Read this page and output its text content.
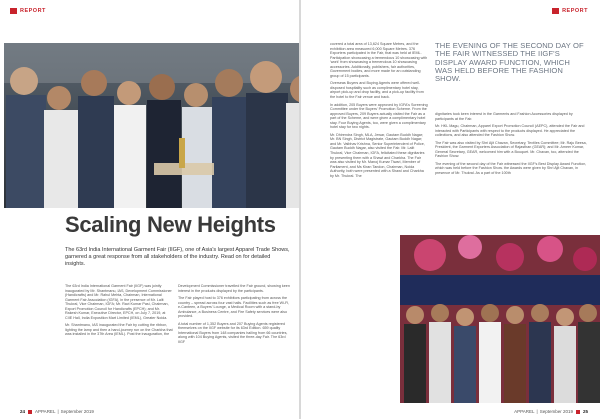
REPORT
Scaling New Heights
The 63rd India International Garment Fair (IIGF), one of Asia's largest Apparel Trade Shows, garnered a great response from all stakeholders of the industry. Read on for detailed insights.

The 63rd India International Garment Fair (IIGF) was jointly inaugurated by Mr. Shantmanu, IAS, Development Commissioner (Handicrafts) and Mr. Rahul Mehta, Chairman, International Garment Fair Association (IGFA), in the presence of Mr. Lalit Thukral, Vice Chairman, IGFA; Mr. Ravi Kumar Pasi, Chairman, Export Promotion Council for Handicrafts (EPCH); and Mr. Rakesh Kumar, Executive Director, EPCH, on July 7, 2019, at CIIE Hall, India Exposition Mart Limited (IEML), Greater Noida.

Mr. Shantmanu, IAS inaugurated the Fair by cutting the ribbon, lighting the lamp and then a hand-journey run on the Charkha that was installed in the 37th Area (IEML). Post the inauguration, the

Development Commissioner travelled the Fair ground, showing keen interest in the products displayed by the participants.

The Fair played host to 376 exhibitors participating from across the country – spread across four vast halls. Facilities such as free Wi-Fi, e-Canteen, a Buyers' Lounge, a Medical Room with a stand-by Ambulance, a Business Centre, and Fire Safety services were also provided.

A total number of 1,352 Buyers and 207 Buying Agents registered themselves on the IIGF website for its 63rd Edition. 659 quality International Buyers from 148 companies hailing from 66 countries, along with 104 Buying Agents, visited the three-day Fair. The 63rd IIGF

24 APPAREL | September 2019
REPORT

covered a total area of 13,624 Square Metres, and the exhibition area measured 6,000 Square Metres. 376 Exporters participated in the Fair, that was held at IEML. Participation showcasing a tremendous 10 showcasing with 'work' from showcasing a tremendous 10 showcasing accessories. Additionally, publishers, fair authorities, Government bodies, and more made for an outstanding group of 15 participants.

Overseas Buyers and Buying Agents were offered well-disposed hospitality such as complimentary hotel stay, airport pick-up and drop facility, and a pick-up facility from the hotel to the Fair venue and back.

In addition, 205 Buyers were approved by IGFA's Screening Committee under the Buyers' Promotion Scheme. From the approved Buyers, 209 Buyers actually visited the Fair as a part of the Scheme, and were given a complimentary hotel stay. Four Buying Agents, too, were given a complimentary hotel stay for two nights.

Mr. Dhirendra Singh, MLA, Jewar, Gautam Buddh Nagar; Mr. BN Singh, District Magistrate, Gautam Buddh Nagar; and Mr. Vaibhav Krishna, Senior Superintendent of Police, Gautam Buddh Nagar, also visited the Fair. Mr. Lalit Thukral, Vice Chairman, IGFA, felicitated these dignitaries by presenting them with a Shawl and Charkha. The Fair was also visited by Mr. Manoj Kumar Tiwari, Member of Parliament, and Ms Kiran Tandon, Chairman, Noida Authority, both were presented with a Shawl and Charkha by Mr. Thukral. The

THE EVENING OF THE SECOND DAY OF THE FAIR WITNESSED THE IIGF'S DISPLAY AWARD FUNCTION, WHICH WAS HELD BEFORE THE FASHION SHOW.

dignitaries took keen interest in the Garments and Fashion Accessories displayed by participants at the Fair.

Mr. HKL Magu, Chairman, Apparel Export Promotion Council (AEPC), attended the Fair and interacted with Participants with respect to the products displayed. He appreciated the collections, and also attended the Fashion Show.

The Fair was also visited by Shri Ajit Chavan, Secretary, Textiles Committee; Mr. Raju Beesa, President, the Garment Exporters Association of Rajasthan (GEAR); and Mr. Ameer Kumar, General Secretary, GEAR, welcomed him with a Bouquet. Mr. Chavan, too, attended the Fashion Show.

The evening of the second day of the Fair witnessed the IIGF's Best Display Award Function, which was held before the Fashion Show. the Awards were given by Shri Ajit Chavan, in presence of Mr. Thukral. As a part of the 100th

APPAREL | September 2019 25
